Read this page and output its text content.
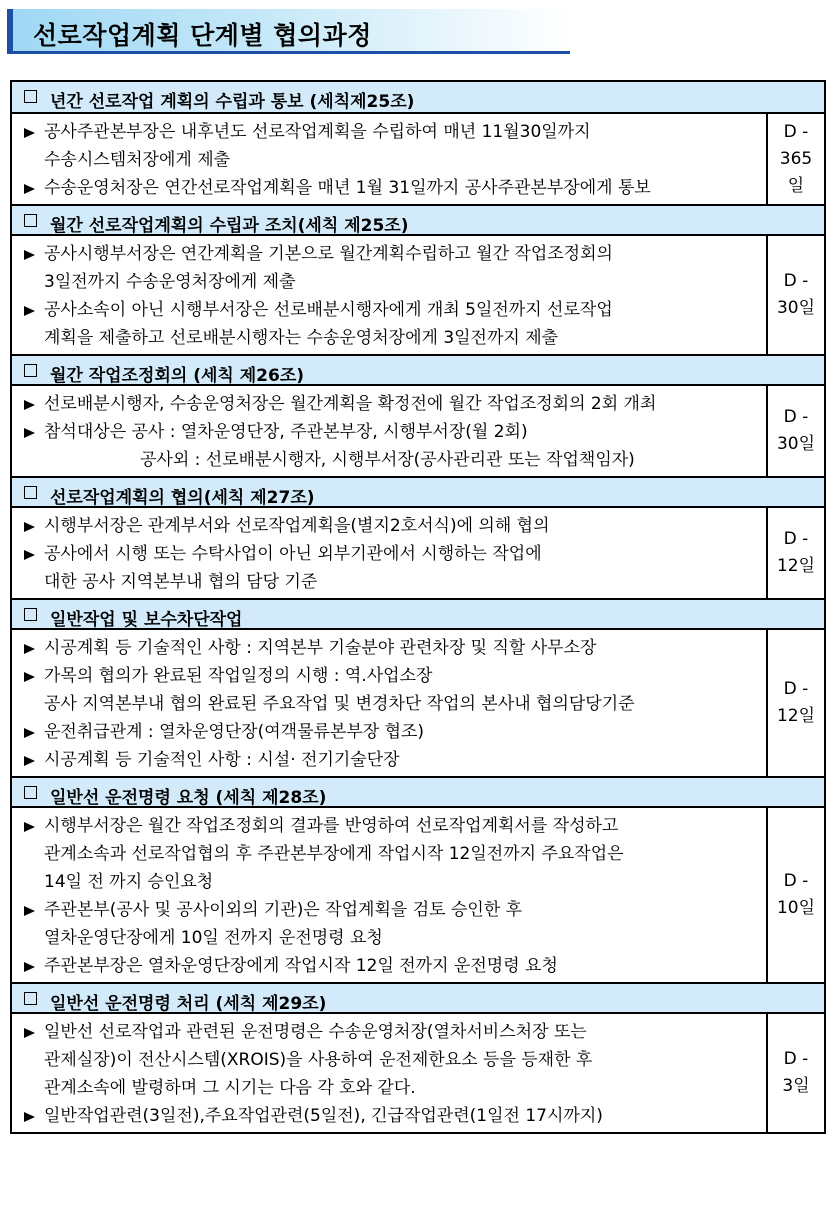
선로작업계획 단계별 협의과정
년간 선로작업 계획의 수립과 통보 (세칙제25조)
공사주관본부장은 내후년도 선로작업계획을 수립하여 매년 11월30일까지
수송시스템처장에게 제출
수송운영처장은 연간선로작업계획을 매년 1월 31일까지 공사주관본부장에게 통보
D -
365
일
월간 선로작업계획의 수립과 조치(세칙 제25조)
공사시행부서장은 연간계획을 기본으로 월간계획수립하고 월간 작업조정회의
3일전까지 수송운영처장에게 제출
공사소속이 아닌 시행부서장은 선로배분시행자에게 개최 5일전까지 선로작업
계획을 제출하고 선로배분시행자는 수송운영처장에게 3일전까지 제출
D -
30일
월간 작업조정회의 (세칙 제26조)
선로배분시행자, 수송운영처장은 월간계획을 확정전에 월간 작업조정회의 2회 개최
참석대상은 공사 : 열차운영단장, 주관본부장, 시행부서장(월 2회)
공사외 : 선로배분시행자, 시행부서장(공사관리관 또는 작업책임자)
D -
30일
선로작업계획의 협의(세칙 제27조)
시행부서장은 관계부서와 선로작업계획을(별지2호서식)에 의해 협의
공사에서 시행 또는 수탁사업이 아닌 외부기관에서 시행하는 작업에
대한 공사 지역본부내 협의 담당 기준
D -
12일
일반작업 및 보수차단작업
시공계획 등 기술적인 사항 : 지역본부 기술분야 관련차장 및 직할 사무소장
가목의 협의가 완료된 작업일정의 시행 : 역.사업소장
공사 지역본부내 협의 완료된 주요작업 및 변경차단 작업의 본사내 협의담당기준
운전취급관계 : 열차운영단장(여객물류본부장 협조)
시공계획 등 기술적인 사항 : 시설· 전기기술단장
D -
12일
일반선 운전명령 요청 (세칙 제28조)
시행부서장은 월간 작업조정회의 결과를 반영하여 선로작업계획서를 작성하고
관계소속과 선로작업협의 후 주관본부장에게 작업시작 12일전까지 주요작업은
14일 전 까지 승인요청
주관본부(공사 및 공사이외의 기관)은 작업계획을 검토 승인한 후
열차운영단장에게 10일 전까지 운전명령 요청
주관본부장은 열차운영단장에게 작업시작 12일 전까지 운전명령 요청
D -
10일
일반선 운전명령 처리 (세칙 제29조)
일반선 선로작업과 관련된 운전명령은 수송운영처장(열차서비스처장 또는
관제실장)이 전산시스템(XROIS)을 사용하여 운전제한요소 등을 등재한 후
관계소속에 발령하며 그 시기는 다음 각 호와 같다.
일반작업관련(3일전),주요작업관련(5일전), 긴급작업관련(1일전 17시까지)
D -
3일
